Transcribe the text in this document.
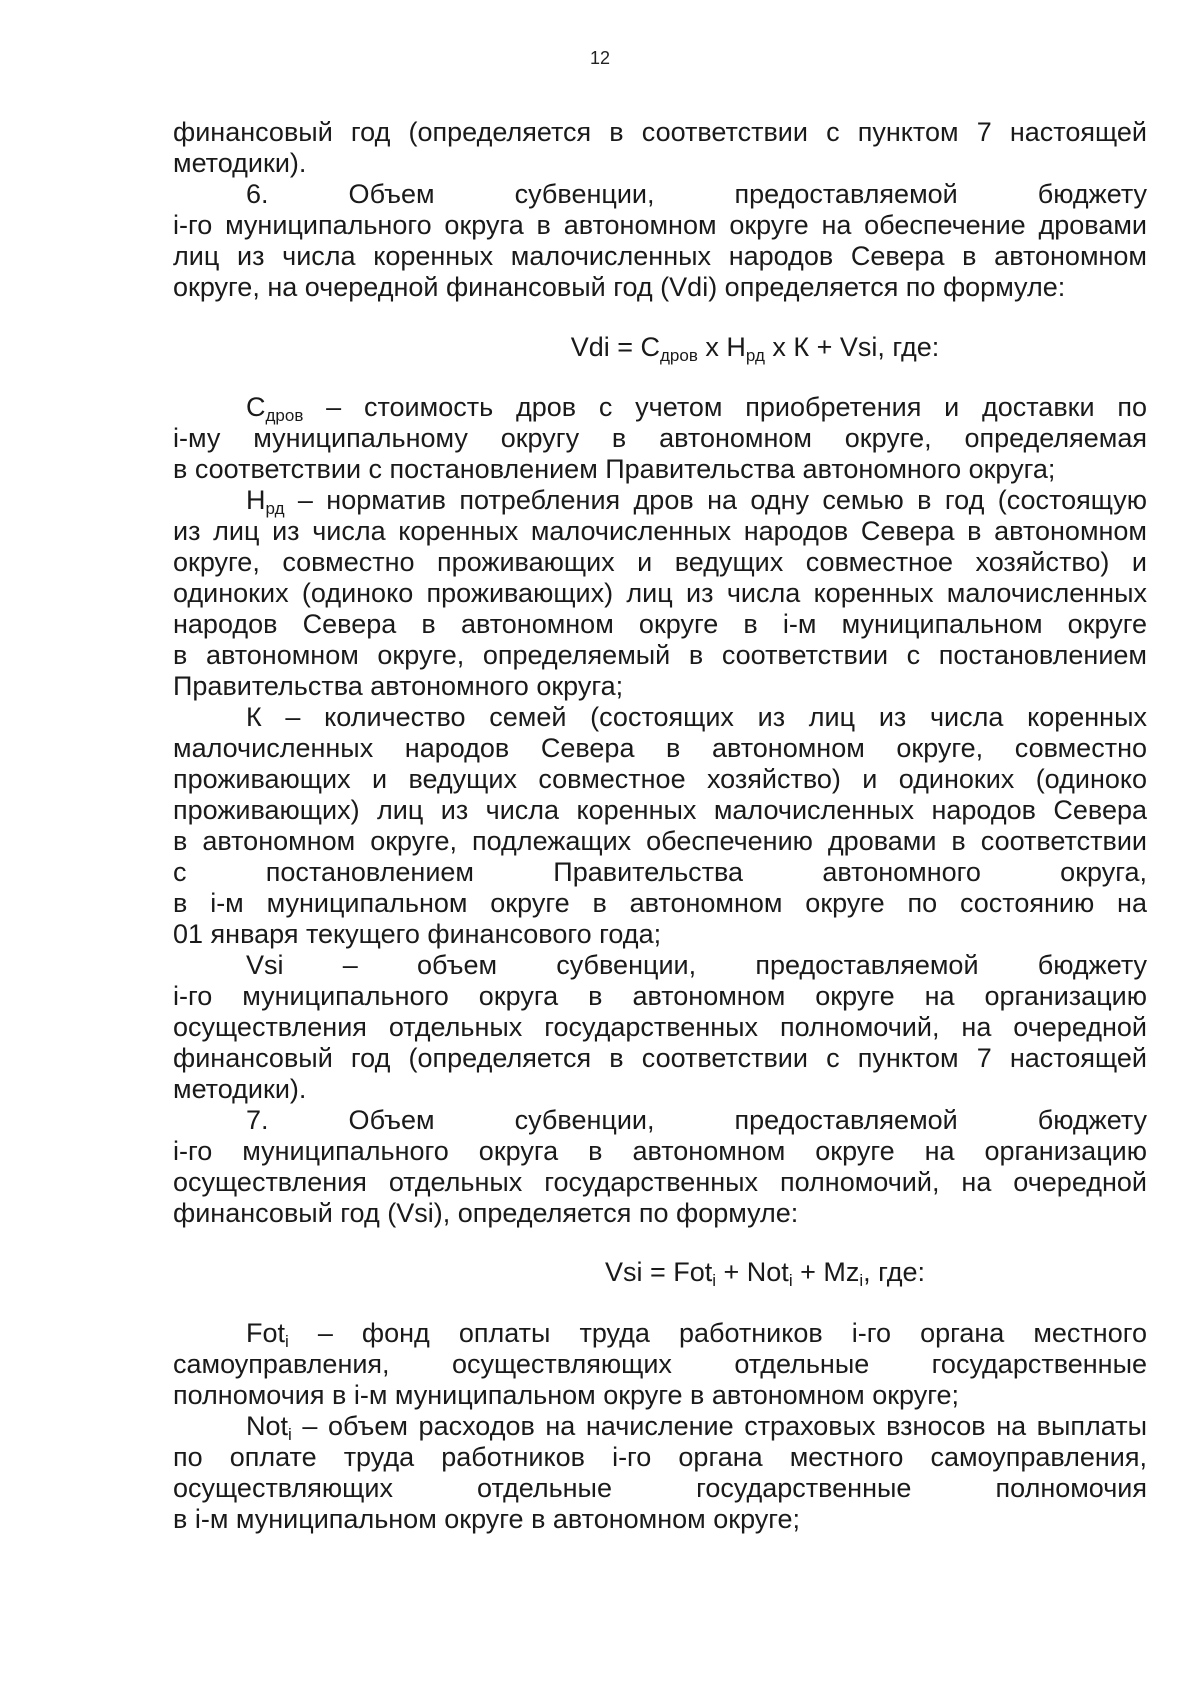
12
финансовый год (определяется в соответствии с пунктом 7 настоящей
методики).
6. Объем субвенции, предоставляемой бюджету
i-го муниципального округа в автономном округе на обеспечение дровами
лиц из числа коренных малочисленных народов Севера в автономном
округе, на очередной финансовый год (Vdi) определяется по формуле:
Vdi = $C_{дров}$ x $H_{рд}$ x К + Vsi, где:
$C_{дров}$ – стоимость дров с учетом приобретения и доставки по
i-му муниципальному округу в автономном округе, определяемая
в соответствии с постановлением Правительства автономного округа;
$H_{рд}$ – норматив потребления дров на одну семью в год (состоящую
из лиц из числа коренных малочисленных народов Севера в автономном
округе, совместно проживающих и ведущих совместное хозяйство) и
одиноких (одиноко проживающих) лиц из числа коренных малочисленных
народов Севера в автономном округе в i-м муниципальном округе
в автономном округе, определяемый в соответствии с постановлением
Правительства автономного округа;
К – количество семей (состоящих из лиц из числа коренных
малочисленных народов Севера в автономном округе, совместно
проживающих и ведущих совместное хозяйство) и одиноких (одиноко
проживающих) лиц из числа коренных малочисленных народов Севера
в автономном округе, подлежащих обеспечению дровами в соответствии
с постановлением Правительства автономного округа,
в i-м муниципальном округе в автономном округе по состоянию на
01 января текущего финансового года;
Vsi – объем субвенции, предоставляемой бюджету
i-го муниципального округа в автономном округе на организацию
осуществления отдельных государственных полномочий, на очередной
финансовый год (определяется в соответствии с пунктом 7 настоящей
методики).
7. Объем субвенции, предоставляемой бюджету
i-го муниципального округа в автономном округе на организацию
осуществления отдельных государственных полномочий, на очередной
финансовый год (Vsi), определяется по формуле:
Vsi = $Fot_i + Not_i + Mz_i$, где:
Fot$_i$ – фонд оплаты труда работников i-го органа местного
самоуправления, осуществляющих отдельные государственные
полномочия в i-м муниципальном округе в автономном округе;
Not$_i$ – объем расходов на начисление страховых взносов на выплаты
по оплате труда работников i-го органа местного самоуправления,
осуществляющих отдельные государственные полномочия
в i-м муниципальном округе в автономном округе;
